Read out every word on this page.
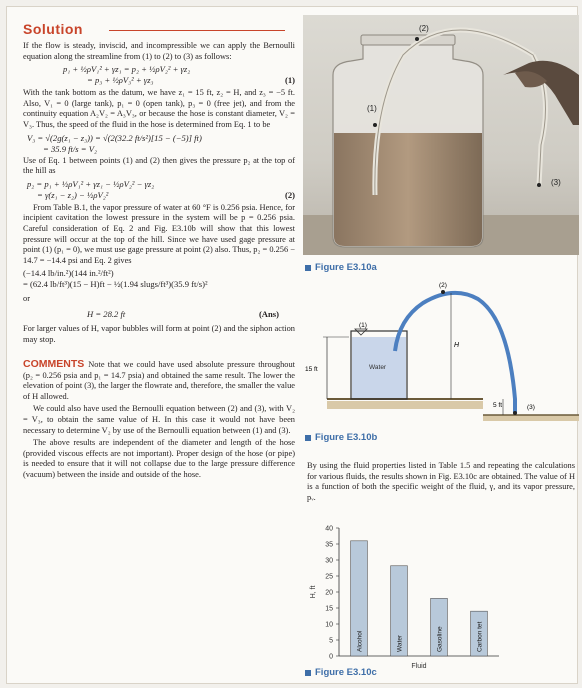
Solution

If the flow is steady, inviscid, and incompressible we can apply the Bernoulli equation along the streamline from (1) to (2) to (3) as follows:

p₁ + ½ρV₁² + γz₁ = p₂ + ½ρV₂² + γz₂
= p₃ + ½ρV₃² + γz₃	(1)

With the tank bottom as the datum, we have z₁ = 15 ft, z₂ = H, and z₃ = −5 ft. Also, V₁ = 0 (large tank), p₁ = 0 (open tank), p₃ = 0 (free jet), and from the continuity equation A₂V₂ = A₃V₃, or because the hose is constant diameter, V₂ = V₃. Thus, the speed of the fluid in the hose is determined from Eq. 1 to be

V₃ = √(2g(z₁ − z₃)) = √(2(32.2 ft/s²)[15 − (−5)] ft)
= 35.9 ft/s = V₂

Use of Eq. 1 between points (1) and (2) then gives the pressure p₂ at the top of the hill as

p₂ = p₁ + ½ρV₁² + γz₁ − ½ρV₂² − γz₂
= γ(z₁ − z₂) − ½ρV₂²	(2)

From Table B.1, the vapor pressure of water at 60 °F is 0.256 psia. Hence, for incipient cavitation the lowest pressure in the system will be p = 0.256 psia. Careful consideration of Eq. 2 and Fig. E3.10b will show that this lowest pressure will occur at the top of the hill. Since we have used gage pressure at point (1) (p₁ = 0), we must use gage pressure at point (2) also. Thus, p₂ = 0.256 − 14.7 = −14.4 psi and Eq. 2 gives

(−14.4 lb/in.²)(144 in.²/ft²)
= (62.4 lb/ft³)(15 − H)ft − ½(1.94 slugs/ft³)(35.9 ft/s)²

or

H = 28.2 ft	(Ans)

For larger values of H, vapor bubbles will form at point (2) and the siphon action may stop.

COMMENTS Note that we could have used absolute pressure throughout (p₂ = 0.256 psia and p₁ = 14.7 psia) and obtained the same result. The lower the elevation of point (3), the larger the flowrate and, therefore, the smaller the value of H allowed.

We could also have used the Bernoulli equation between (2) and (3), with V₂ = V₃, to obtain the same value of H. In this case it would not have been necessary to determine V₂ by use of the Bernoulli equation between (1) and (3).

The above results are independent of the diameter and length of the hose (provided viscous effects are not important). Proper design of the hose (or pipe) is needed to ensure that it will not collapse due to the large pressure difference (vacuum) between the inside and outside of the hose.

(1)
(2)
(3)
Figure E3.10a
(1)
Water
(2)
15 ft
H
5 ft	(3)
Figure E3.10b
By using the fluid properties listed in Table 1.5 and repeating the calculations for various fluids, the results shown in Fig. E3.10c are obtained. The value of H is a function of both the specific weight of the fluid, γ, and its vapor pressure, pᵥ.
0
5
10
15
20
25
30
35
40
H, ft
Alcohol	Water	Gasoline	Carbon tet
Fluid
Figure E3.10c
